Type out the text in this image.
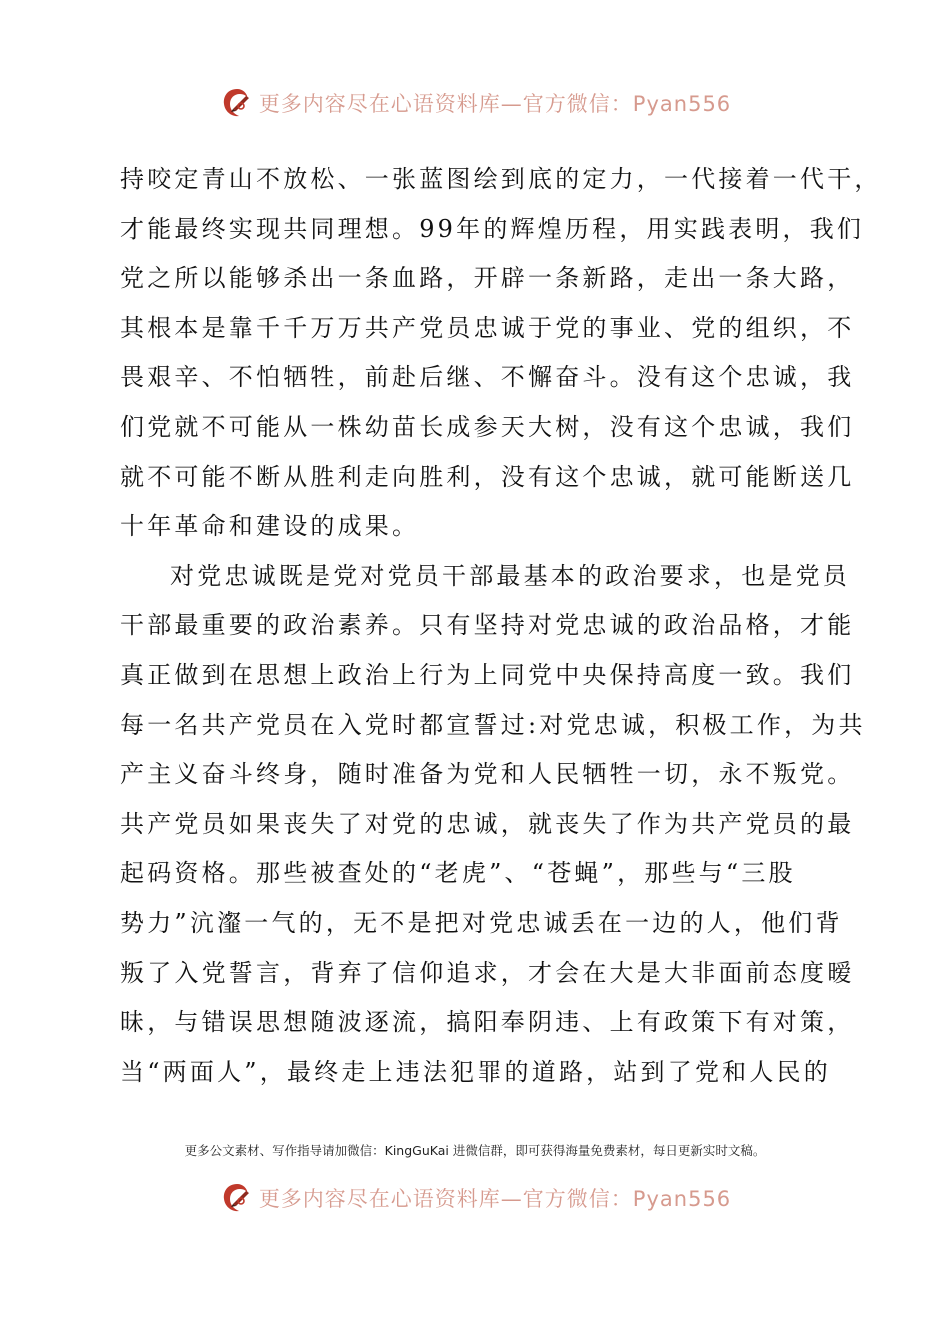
更多内容尽在心语资料库—官方微信：Pyan556
持咬定青山不放松、一张蓝图绘到底的定力，一代接着一代干，
才能最终实现共同理想。99年的辉煌历程，用实践表明，我们
党之所以能够杀出一条血路，开辟一条新路，走出一条大路，
其根本是靠千千万万共产党员忠诚于党的事业、党的组织，不
畏艰辛、不怕牺牲，前赴后继、不懈奋斗。没有这个忠诚，我
们党就不可能从一株幼苗长成参天大树，没有这个忠诚，我们
就不可能不断从胜利走向胜利，没有这个忠诚，就可能断送几
十年革命和建设的成果。
对党忠诚既是党对党员干部最基本的政治要求，也是党员
干部最重要的政治素养。只有坚持对党忠诚的政治品格，才能
真正做到在思想上政治上行为上同党中央保持高度一致。我们
每一名共产党员在入党时都宣誓过:对党忠诚，积极工作，为共
产主义奋斗终身，随时准备为党和人民牺牲一切，永不叛党。
共产党员如果丧失了对党的忠诚，就丧失了作为共产党员的最
起码资格。那些被查处的“老虎”、“苍蝇”，那些与“三股
势力”沆瀣一气的，无不是把对党忠诚丢在一边的人，他们背
叛了入党誓言，背弃了信仰追求，才会在大是大非面前态度暧
昧，与错误思想随波逐流，搞阳奉阴违、上有政策下有对策，
当“两面人”，最终走上违法犯罪的道路，站到了党和人民的
更多公文素材、写作指导请加微信：KingGuKai 进微信群，即可获得海量免费素材，每日更新实时文稿。
更多内容尽在心语资料库—官方微信：Pyan556
